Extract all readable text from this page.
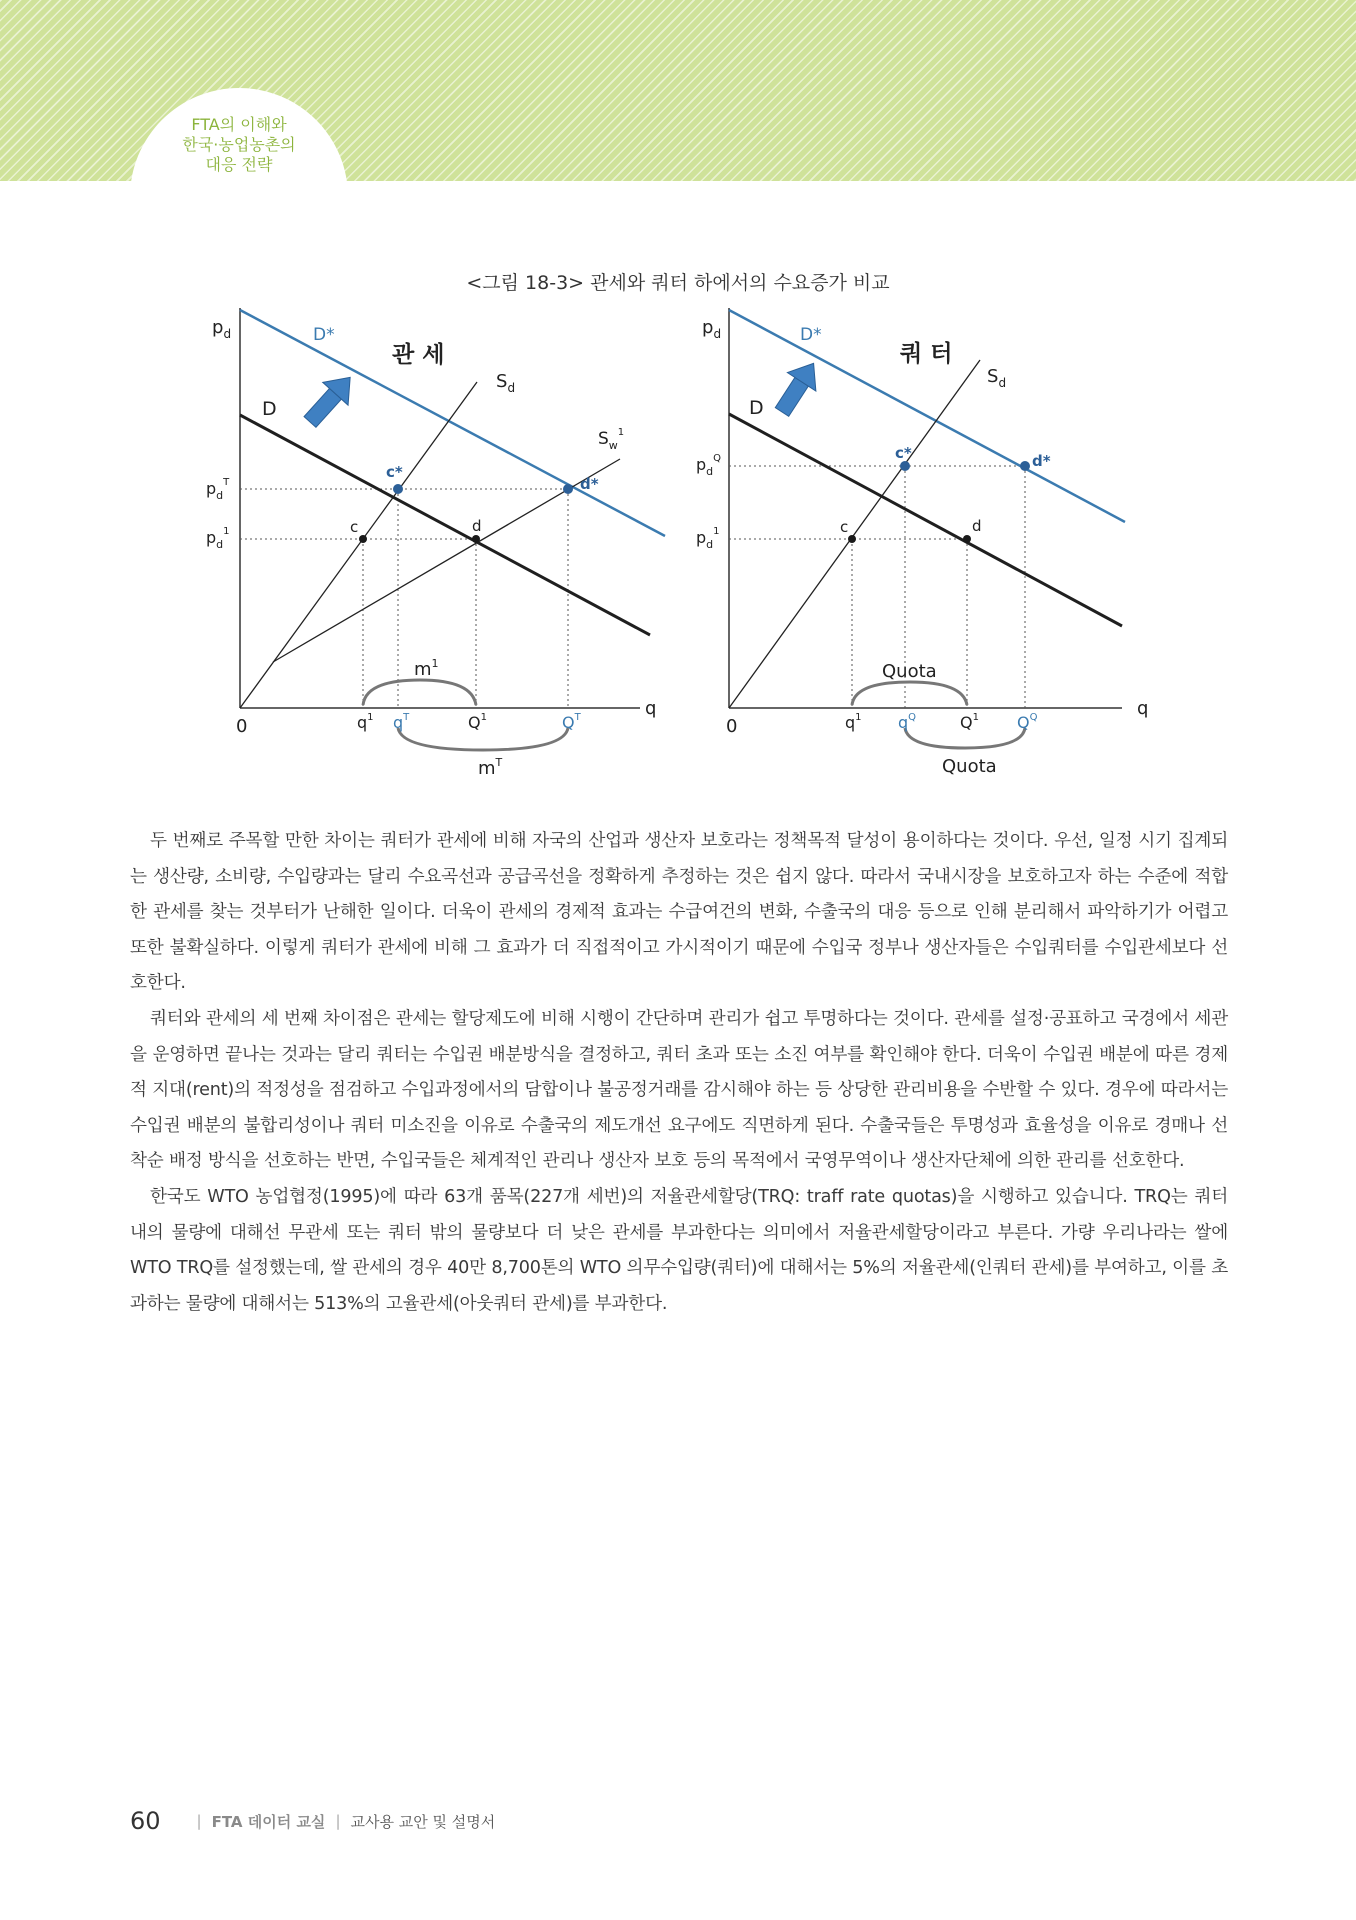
FTA의 이해와
한국·농업농촌의
대응 전략
<그림 18-3> 관세와 쿼터 하에서의 수요증가 비교
$p_d$	D*
관 세
D
$S_d$
$S_w^1$
$p_d^T$
$p_d^1$
c*
d*
c	d
$m^1$
0	$q^1$ $q^T$	$Q^1$	$Q^T$	q
$m^T$
$p_d$	D*
쿼 터
D
$S_d$
$p_d^Q$
$p_d^1$
c*	d*
c	d
Quota
0	$q^1$ $q^Q$	$Q^1$ $Q^Q$	q
Quota

두 번째로 주목할 만한 차이는 쿼터가 관세에 비해 자국의 산업과 생산자 보호라는 정책목적 달성이 용이하다는 것이다. 우선, 일정 시기 집계되는 생산량, 소비량, 수입량과는 달리 수요곡선과 공급곡선을 정확하게 추정하는 것은 쉽지 않다. 따라서 국내시장을 보호하고자 하는 수준에 적합한 관세를 찾는 것부터가 난해한 일이다. 더욱이 관세의 경제적 효과는 수급여건의 변화, 수출국의 대응 등으로 인해 분리해서 파악하기가 어렵고 또한 불확실하다. 이렇게 쿼터가 관세에 비해 그 효과가 더 직접적이고 가시적이기 때문에 수입국 정부나 생산자들은 수입쿼터를 수입관세보다 선호한다.

쿼터와 관세의 세 번째 차이점은 관세는 할당제도에 비해 시행이 간단하며 관리가 쉽고 투명하다는 것이다. 관세를 설정·공표하고 국경에서 세관을 운영하면 끝나는 것과는 달리 쿼터는 수입권 배분방식을 결정하고, 쿼터 초과 또는 소진 여부를 확인해야 한다. 더욱이 수입권 배분에 따른 경제적 지대(rent)의 적정성을 점검하고 수입과정에서의 담합이나 불공정거래를 감시해야 하는 등 상당한 관리비용을 수반할 수 있다. 경우에 따라서는 수입권 배분의 불합리성이나 쿼터 미소진을 이유로 수출국의 제도개선 요구에도 직면하게 된다. 수출국들은 투명성과 효율성을 이유로 경매나 선착순 배정 방식을 선호하는 반면, 수입국들은 체계적인 관리나 생산자 보호 등의 목적에서 국영무역이나 생산자단체에 의한 관리를 선호한다.

한국도 WTO 농업협정(1995)에 따라 63개 품목(227개 세번)의 저율관세할당(TRQ: traff rate quotas)을 시행하고 있습니다. TRQ는 쿼터 내의 물량에 대해선 무관세 또는 쿼터 밖의 물량보다 더 낮은 관세를 부과한다는 의미에서 저율관세할당이라고 부른다. 가량 우리나라는 쌀에 WTO TRQ를 설정했는데, 쌀 관세의 경우 40만 8,700톤의 WTO 의무수입량(쿼터)에 대해서는 5%의 저율관세(인쿼터 관세)를 부여하고, 이를 초과하는 물량에 대해서는 513%의 고율관세(아웃쿼터 관세)를 부과한다.

60 | FTA 데이터 교실 | 교사용 교안 및 설명서
